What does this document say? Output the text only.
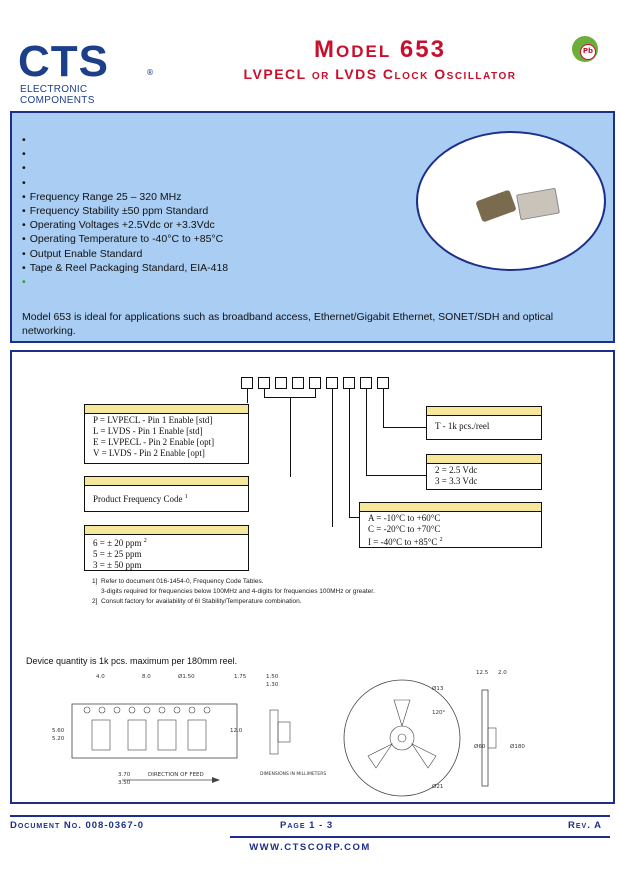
CTS	®
ELECTRONIC COMPONENTS
Model 653
LVPECL or LVDS Clock Oscillator
Pb
•
•
•
•
• Frequency Range 25 – 320 MHz
• Frequency Stability ±50 ppm Standard
• Operating Voltages +2.5Vdc or +3.3Vdc
• Operating Temperature to -40°C to +85°C
• Output Enable Standard
• Tape & Reel Packaging Standard, EIA-418
•
Model 653 is ideal for applications such as broadband access, Ethernet/Gigabit Ethernet, SONET/SDH and optical networking.
P = LVPECL - Pin 1 Enable [std]
L = LVDS - Pin 1 Enable [std]
E = LVPECL - Pin 2 Enable [opt]
V = LVDS - Pin 2 Enable [opt]
Product Frequency Code $^1$
6 = ± 20 ppm $^2$
5 = ± 25 ppm
3 = ± 50 ppm
T - 1k pcs./reel
2 = 2.5 Vdc
3 = 3.3 Vdc
A = -10°C to +60°C
C = -20°C to +70°C
I = -40°C to +85°C $^2$
1]  Refer to document 016-1454-0, Frequency Code Tables.
3-digits required for frequencies below 100MHz and 4-digits for frequencies 100MHz or greater.
2]  Consult factory for availability of 6I Stability/Temperature combination.
Device quantity is 1k pcs. maximum per 180mm reel.
4.0	8.0	Ø1.50	1.75	1.50
1.30
5.60
5.20
12.0
3.70
3.50
DIRECTION OF FEED	DIMENSIONS IN MILLIMETERS
12.5 2.0
Ø13
120°
Ø60	Ø180
Ø21
Document No. 008-0367-0	Page 1 - 3	Rev. A
WWW.CTSCORP.COM
